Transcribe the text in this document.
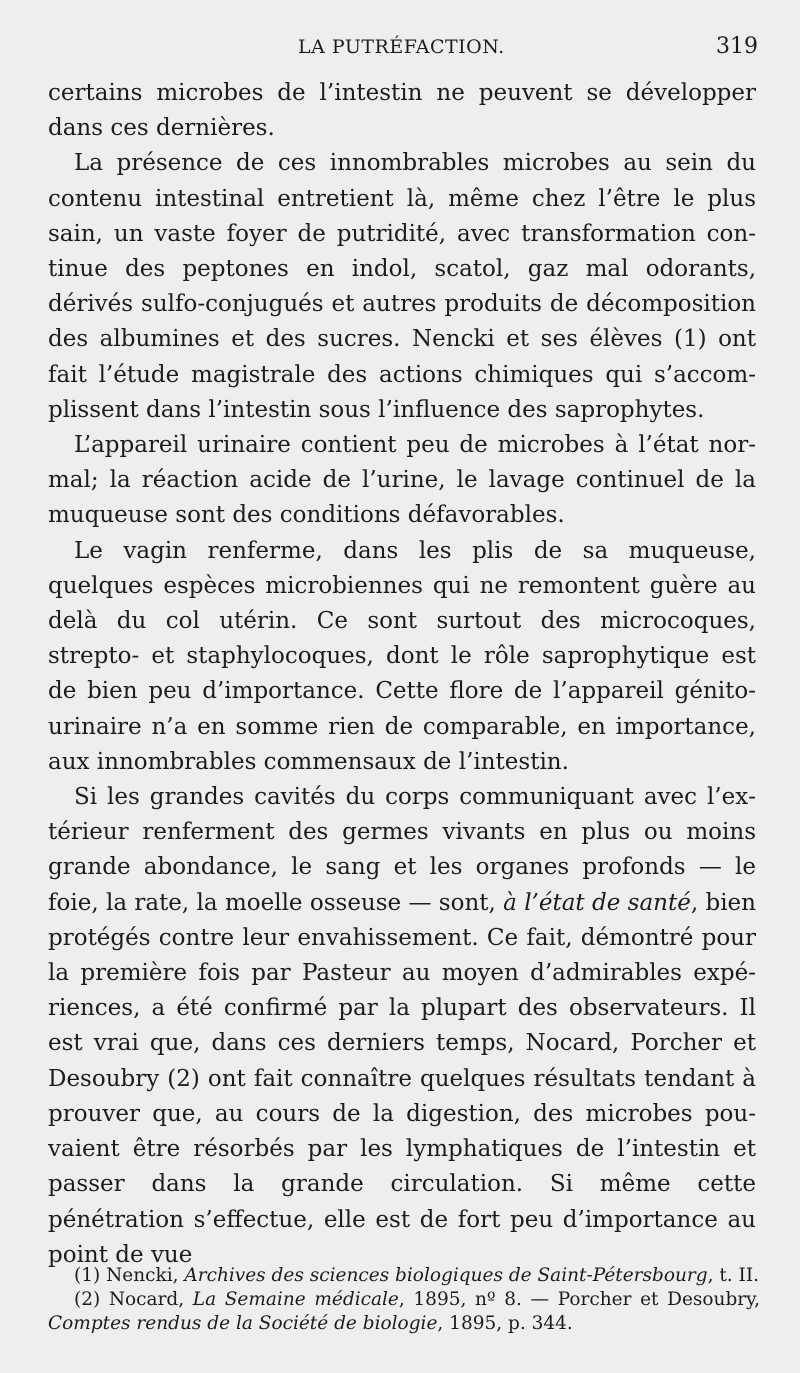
LA PUTRÉFACTION.	319

certains microbes de l’intestin ne peuvent se développer dans ces dernières.

La présence de ces innombrables microbes au sein du contenu intestinal entretient là, même chez l’être le plus sain, un vaste foyer de putridité, avec transformation continue des peptones en indol, scatol, gaz mal odorants, dérivés sulfo-conjugués et autres produits de décomposition des albumines et des sucres. Nencki et ses élèves (1) ont fait l’étude magistrale des actions chimiques qui s’accomplissent dans l’intestin sous l’influence des saprophytes.

L’appareil urinaire contient peu de microbes à l’état normal; la réaction acide de l’urine, le lavage continuel de la muqueuse sont des conditions défavorables.

Le vagin renferme, dans les plis de sa muqueuse, quelques espèces microbiennes qui ne remontent guère au delà du col utérin. Ce sont surtout des microcoques, strepto- et staphylocoques, dont le rôle saprophytique est de bien peu d’importance. Cette flore de l’appareil génito-urinaire n’a en somme rien de comparable, en importance, aux innombrables commensaux de l’intestin.

Si les grandes cavités du corps communiquant avec l’extérieur renferment des germes vivants en plus ou moins grande abondance, le sang et les organes profonds — le foie, la rate, la moelle osseuse — sont, à l’état de santé, bien protégés contre leur envahissement. Ce fait, démontré pour la première fois par Pasteur au moyen d’admirables expériences, a été confirmé par la plupart des observateurs. Il est vrai que, dans ces derniers temps, Nocard, Porcher et Desoubry (2) ont fait connaître quelques résultats tendant à prouver que, au cours de la digestion, des microbes pouvaient être résorbés par les lymphatiques de l’intestin et passer dans la grande circulation. Si même cette pénétration s’effectue, elle est de fort peu d’importance au point de vue

(1) Nencki, Archives des sciences biologiques de Saint-Pétersbourg, t. II.

(2) Nocard, La Semaine médicale, 1895, nº 8. — Porcher et Desoubry, Comptes rendus de la Société de biologie, 1895, p. 344.
